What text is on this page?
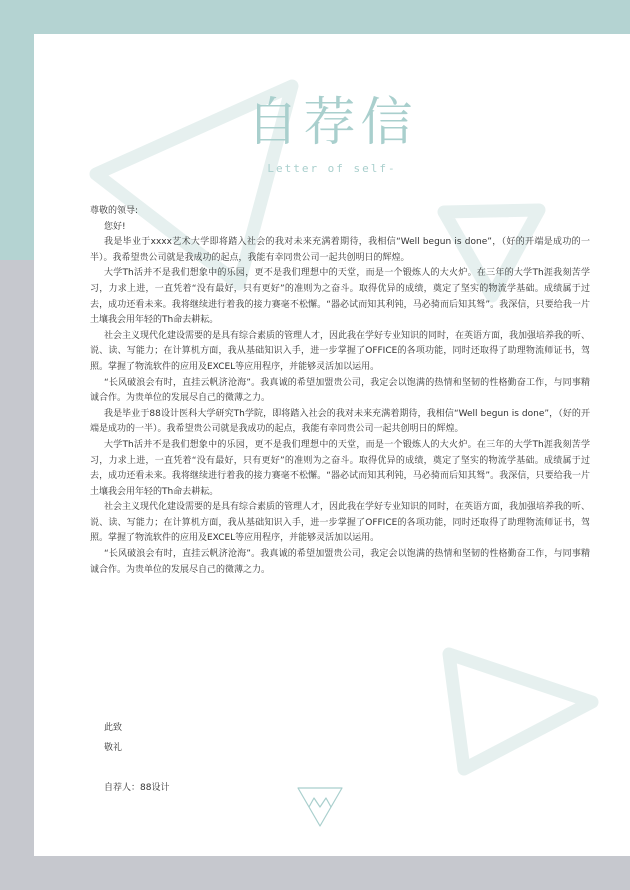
自荐信
Letter of self-

尊敬的领导:

您好!

我是毕业于xxxx艺术大学即将踏入社会的我对未来充满着期待，我相信“Well begun is done”，（好的开端是成功的一半）。我希望贵公司就是我成功的起点，我能有幸同贵公司一起共创明日的辉煌。

大学Th活并不是我们想象中的乐园，更不是我们理想中的天堂，而是一个锻炼人的大火炉。在三年的大学Th涯我刻苦学习，力求上进，一直凭着“没有最好，只有更好”的准则为之奋斗。取得优异的成绩，奠定了坚实的物流学基础。成绩属于过去，成功还看未来。我将继续进行着我的接力赛毫不松懈。“器必试而知其利钝，马必骑而后知其驽”。我深信，只要给我一片土壤我会用年轻的Th命去耕耘。

社会主义现代化建设需要的是具有综合素质的管理人才，因此我在学好专业知识的同时，在英语方面，我加强培养我的听、说、读、写能力；在计算机方面，我从基础知识入手，进一步掌握了OFFICE的各项功能，同时还取得了助理物流师证书，驾照。掌握了物流软件的应用及EXCEL等应用程序，并能够灵活加以运用。

“长风破浪会有时，直挂云帆济沧海”。我真诚的希望加盟贵公司，我定会以饱满的热情和坚韧的性格勤奋工作，与同事精诚合作。为贵单位的发展尽自己的微薄之力。

我是毕业于88设计医科大学研究Th学院，即将踏入社会的我对未来充满着期待，我相信“Well begun is done”，（好的开端是成功的一半）。我希望贵公司就是我成功的起点，我能有幸同贵公司一起共创明日的辉煌。

大学Th活并不是我们想象中的乐园，更不是我们理想中的天堂，而是一个锻炼人的大火炉。在三年的大学Th涯我刻苦学习，力求上进，一直凭着“没有最好，只有更好”的准则为之奋斗。取得优异的成绩，奠定了坚实的物流学基础。成绩属于过去，成功还看未来。我将继续进行着我的接力赛毫不松懈。“器必试而知其利钝，马必骑而后知其驽”。我深信，只要给我一片土壤我会用年轻的Th命去耕耘。

社会主义现代化建设需要的是具有综合素质的管理人才，因此我在学好专业知识的同时，在英语方面，我加强培养我的听、说、读、写能力；在计算机方面，我从基础知识入手，进一步掌握了OFFICE的各项功能，同时还取得了助理物流师证书，驾照。掌握了物流软件的应用及EXCEL等应用程序，并能够灵活加以运用。

“长风破浪会有时，直挂云帆济沧海”。我真诚的希望加盟贵公司，我定会以饱满的热情和坚韧的性格勤奋工作，与同事精诚合作。为贵单位的发展尽自己的微薄之力。

此致
敬礼
自荐人：88设计
